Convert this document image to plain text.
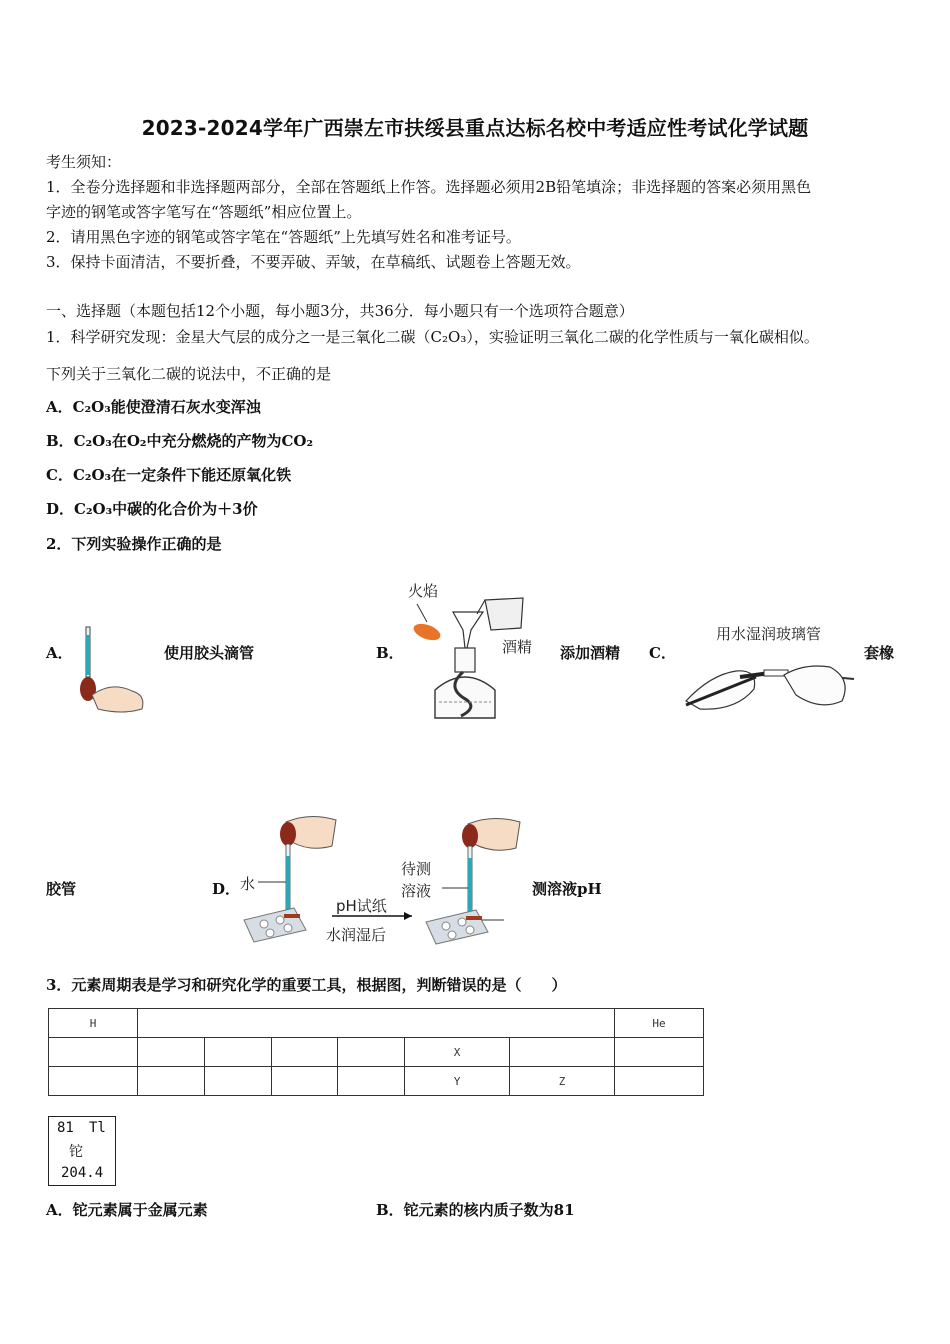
2023-2024学年广西崇左市扶绥县重点达标名校中考适应性考试化学试题
考生须知：
1．全卷分选择题和非选择题两部分，全部在答题纸上作答。选择题必须用2B铅笔填涂；非选择题的答案必须用黑色
字迹的钢笔或答字笔写在“答题纸”相应位置上。
2．请用黑色字迹的钢笔或答字笔在“答题纸”上先填写姓名和准考证号。
3．保持卡面清洁，不要折叠，不要弄破、弄皱，在草稿纸、试题卷上答题无效。
一、选择题（本题包括12个小题，每小题3分，共36分．每小题只有一个选项符合题意）
1．科学研究发现：金星大气层的成分之一是三氧化二碳（C₂O₃），实验证明三氧化二碳的化学性质与一氧化碳相似。
下列关于三氧化二碳的说法中，不正确的是
A．C₂O₃能使澄清石灰水变浑浊
B．C₂O₃在O₂中充分燃烧的产物为CO₂
C．C₂O₃在一定条件下能还原氧化铁
D．C₂O₃中碳的化合价为＋3价
2．下列实验操作正确的是
A．	使用胶头滴管	B．
火焰
酒精 添加酒精 C．
用水湿润玻璃管
套橡
胶管	D． 水
待测
溶液
pH试纸
水润湿后
测溶液pH
3．元素周期表是学习和研究化学的重要工具，根据图，判断错误的是（　　）
H							He
					X		
					Y	Z	
81 Tl
铊
204.4
A．铊元素属于金属元素	B．铊元素的核内质子数为81
